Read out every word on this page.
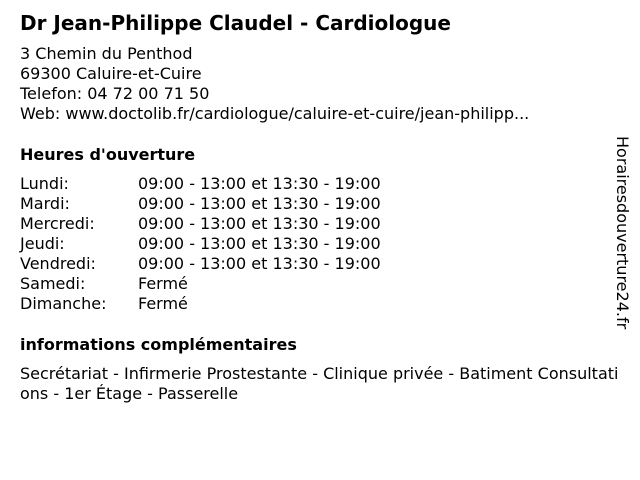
Dr Jean-Philippe Claudel - Cardiologue
3 Chemin du Penthod
69300 Caluire-et-Cuire
Telefon: 04 72 00 71 50
Web: www.doctolib.fr/cardiologue/caluire-et-cuire/jean-philipp...
Heures d'ouverture
Lundi:	09:00 - 13:00 et 13:30 - 19:00
Mardi:	09:00 - 13:00 et 13:30 - 19:00
Mercredi:	09:00 - 13:00 et 13:30 - 19:00
Jeudi:	09:00 - 13:00 et 13:30 - 19:00
Vendredi:	09:00 - 13:00 et 13:30 - 19:00
Samedi:	Fermé
Dimanche:	Fermé
informations complémentaires
Secrétariat - Infirmerie Prostestante - Clinique privée - Batiment Consultations - 1er Étage - Passerelle
Horairesdouverture24.fr
